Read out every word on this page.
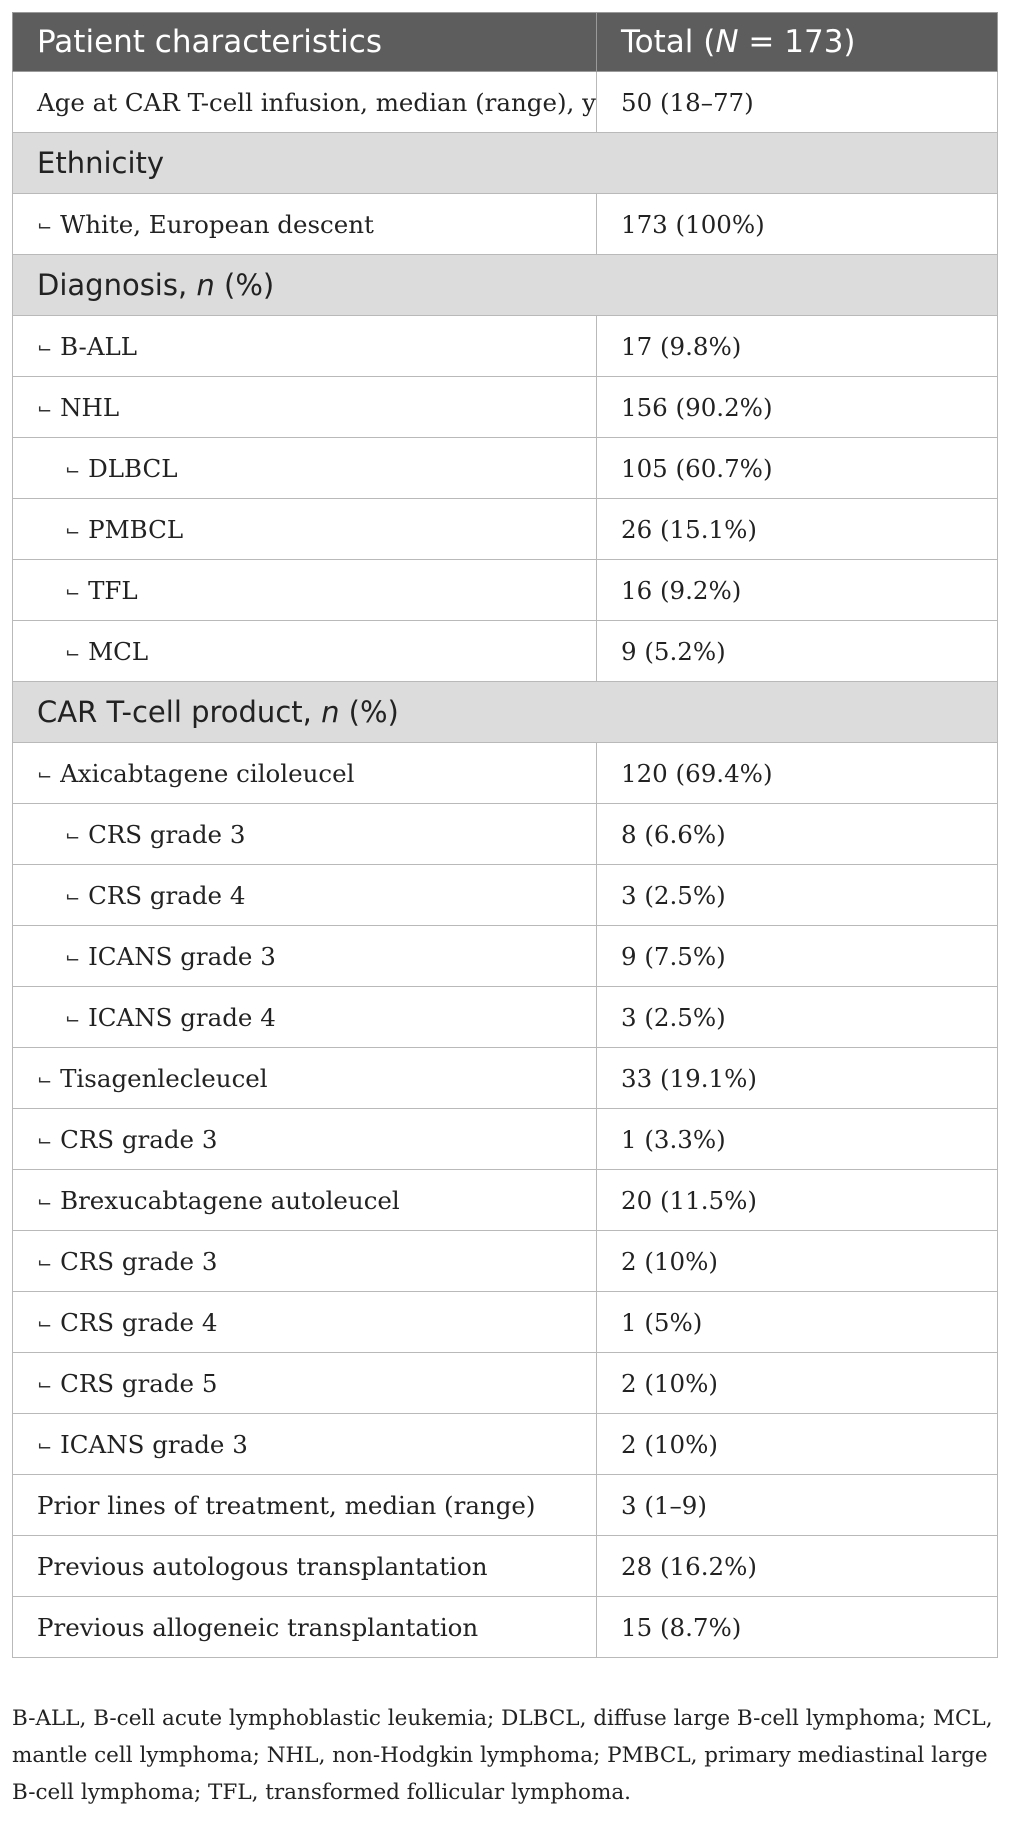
Patient characteristics	Total (N = 173)
Age at CAR T-cell infusion, median (range), y	50 (18–77)
Ethnicity	
⌙ White, European descent	173 (100%)
Diagnosis, n (%)	
⌙ B-ALL	17 (9.8%)
⌙ NHL	156 (90.2%)
⌙ DLBCL	105 (60.7%)
⌙ PMBCL	26 (15.1%)
⌙ TFL	16 (9.2%)
⌙ MCL	9 (5.2%)
CAR T-cell product, n (%)	
⌙ Axicabtagene ciloleucel	120 (69.4%)
⌙ CRS grade 3	8 (6.6%)
⌙ CRS grade 4	3 (2.5%)
⌙ ICANS grade 3	9 (7.5%)
⌙ ICANS grade 4	3 (2.5%)
⌙ Tisagenlecleucel	33 (19.1%)
⌙ CRS grade 3	1 (3.3%)
⌙ Brexucabtagene autoleucel	20 (11.5%)
⌙ CRS grade 3	2 (10%)
⌙ CRS grade 4	1 (5%)
⌙ CRS grade 5	2 (10%)
⌙ ICANS grade 3	2 (10%)
Prior lines of treatment, median (range)	3 (1–9)
Previous autologous transplantation	28 (16.2%)
Previous allogeneic transplantation	15 (8.7%)
B-ALL, B-cell acute lymphoblastic leukemia; DLBCL, diffuse large B-cell lymphoma; MCL, mantle cell lymphoma; NHL, non-Hodgkin lymphoma; PMBCL, primary mediastinal large B-cell lymphoma; TFL, transformed follicular lymphoma.
